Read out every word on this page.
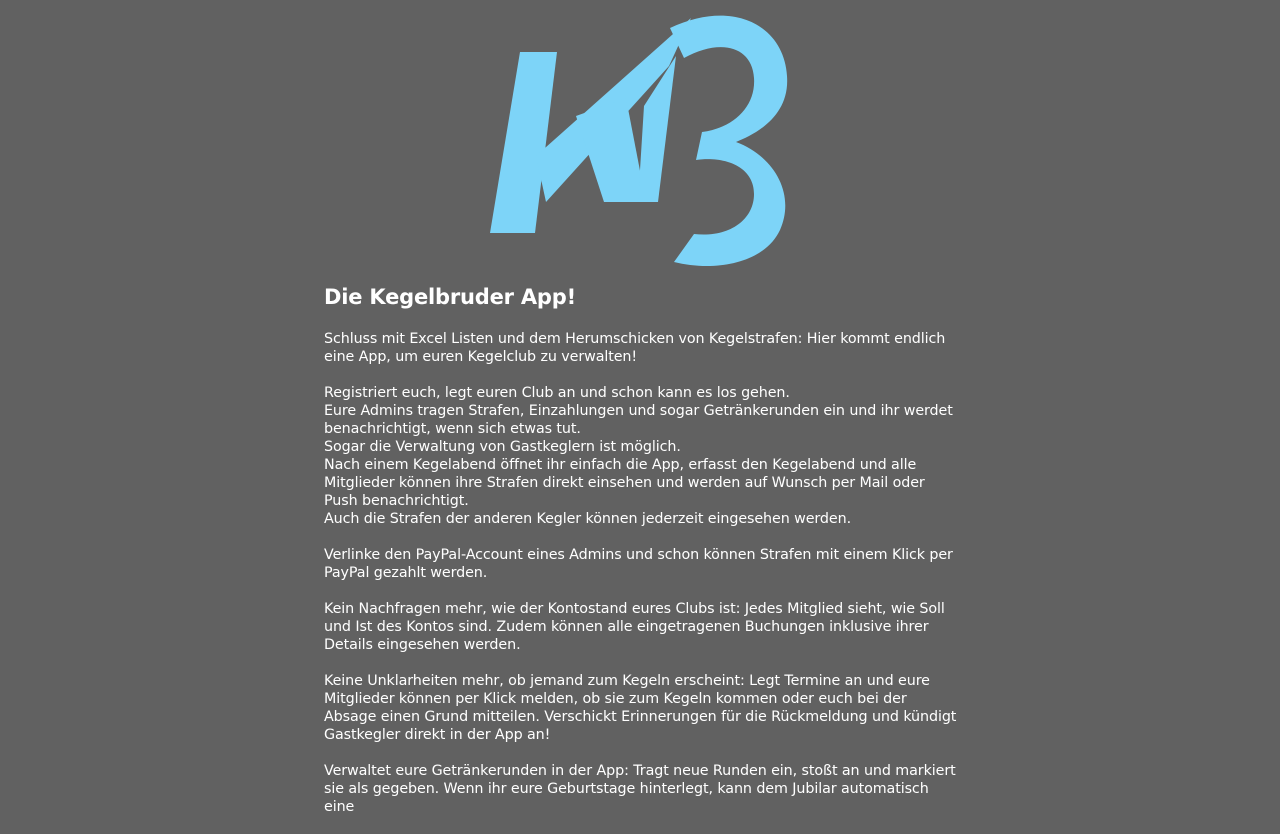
Die Kegelbruder App!

Schluss mit Excel Listen und dem Herumschicken von Kegelstrafen: Hier kommt endlich eine App, um euren Kegelclub zu verwalten!

Registriert euch, legt euren Club an und schon kann es los gehen.
Eure Admins tragen Strafen, Einzahlungen und sogar Getränkerunden ein und ihr werdet benachrichtigt, wenn sich etwas tut.
Sogar die Verwaltung von Gastkeglern ist möglich.
Nach einem Kegelabend öffnet ihr einfach die App, erfasst den Kegelabend und alle Mitglieder können ihre Strafen direkt einsehen und werden auf Wunsch per Mail oder Push benachrichtigt.
Auch die Strafen der anderen Kegler können jederzeit eingesehen werden.

Verlinke den PayPal-Account eines Admins und schon können Strafen mit einem Klick per PayPal gezahlt werden.

Kein Nachfragen mehr, wie der Kontostand eures Clubs ist: Jedes Mitglied sieht, wie Soll und Ist des Kontos sind. Zudem können alle eingetragenen Buchungen inklusive ihrer Details eingesehen werden.

Keine Unklarheiten mehr, ob jemand zum Kegeln erscheint: Legt Termine an und eure Mitglieder können per Klick melden, ob sie zum Kegeln kommen oder euch bei der Absage einen Grund mitteilen. Verschickt Erinnerungen für die Rückmeldung und kündigt Gastkegler direkt in der App an!

Verwaltet eure Getränkerunden in der App: Tragt neue Runden ein, stoßt an und markiert sie als gegeben. Wenn ihr eure Geburtstage hinterlegt, kann dem Jubilar automatisch eine
